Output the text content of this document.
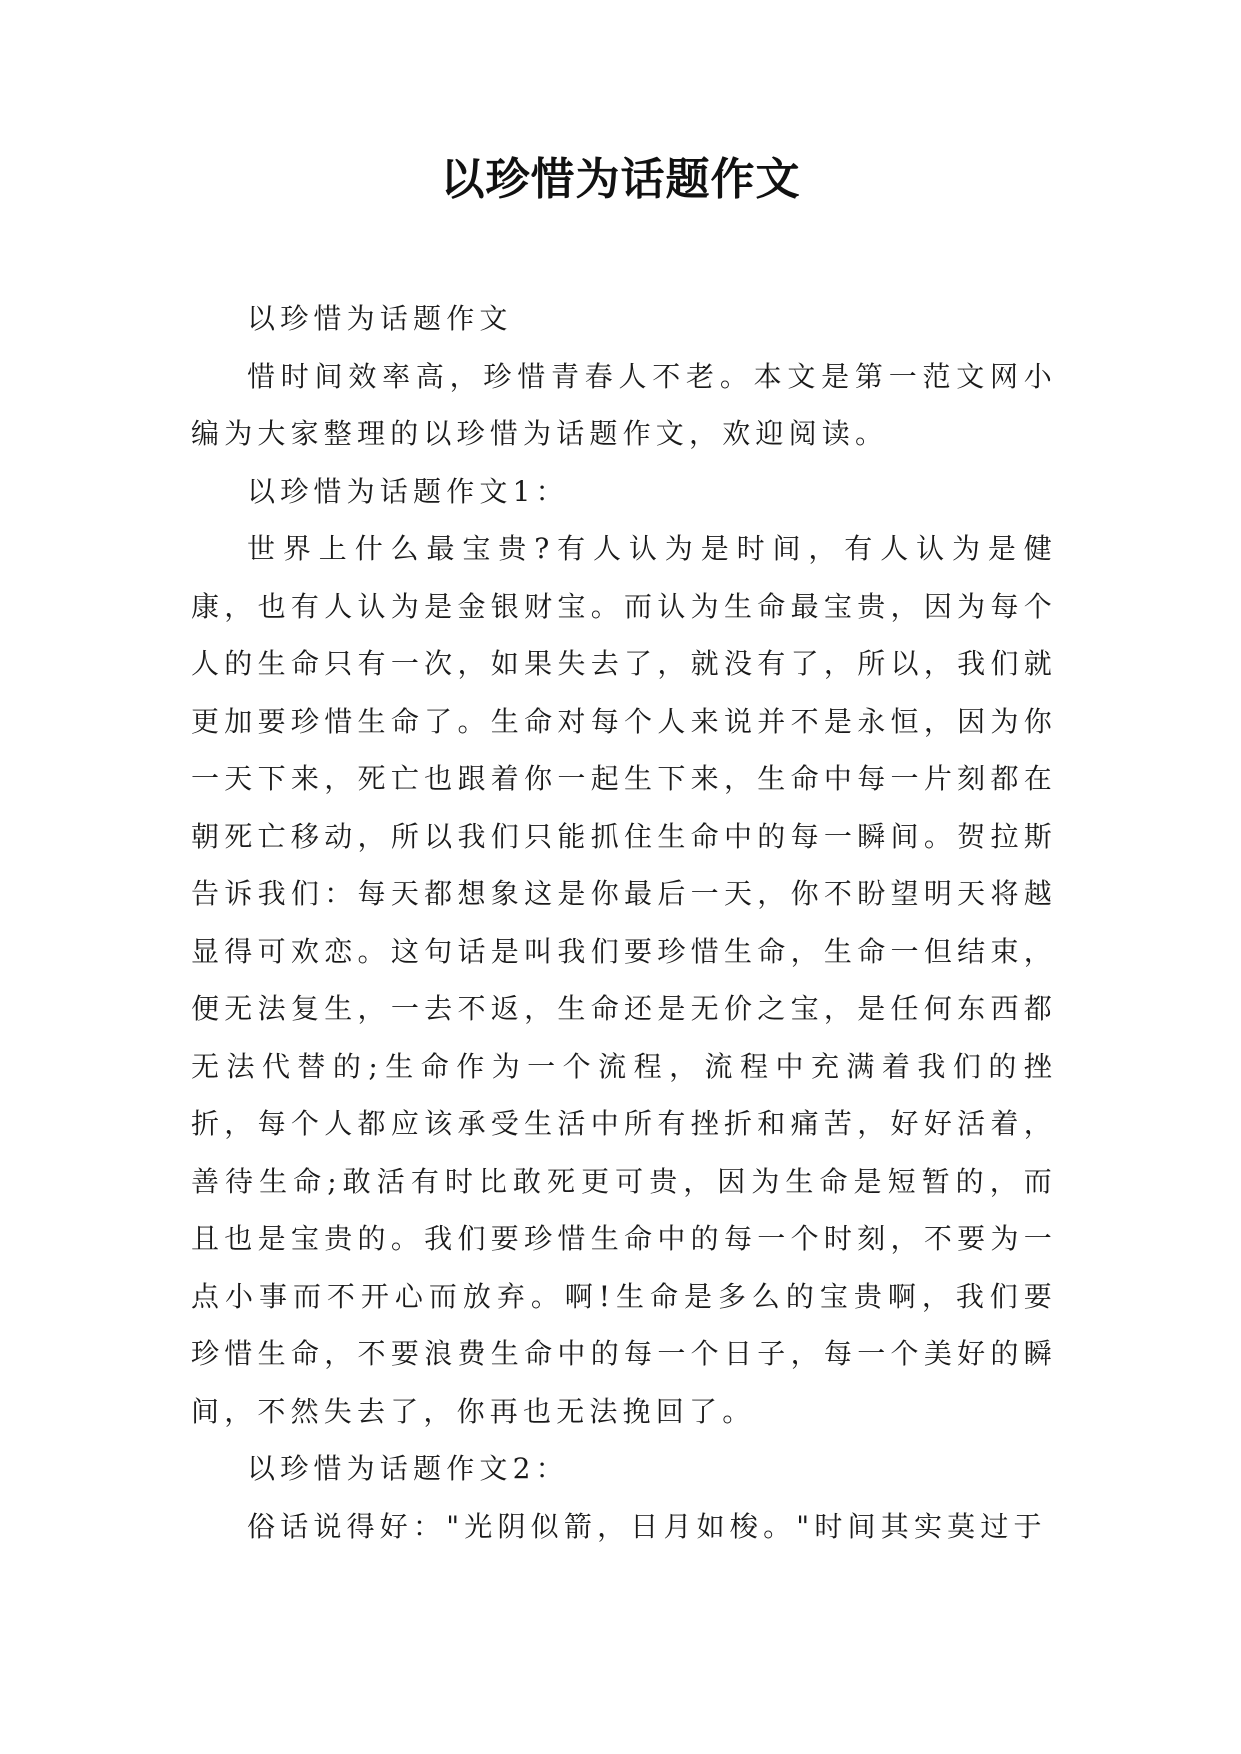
以珍惜为话题作文

以珍惜为话题作文

惜时间效率高，珍惜青春人不老。本文是第一范文网小编为大家整理的以珍惜为话题作文，欢迎阅读。

以珍惜为话题作文1：

世界上什么最宝贵?有人认为是时间，有人认为是健康，也有人认为是金银财宝。而认为生命最宝贵，因为每个人的生命只有一次，如果失去了，就没有了，所以，我们就更加要珍惜生命了。生命对每个人来说并不是永恒，因为你一天下来，死亡也跟着你一起生下来，生命中每一片刻都在朝死亡移动，所以我们只能抓住生命中的每一瞬间。贺拉斯告诉我们：每天都想象这是你最后一天，你不盼望明天将越显得可欢恋。这句话是叫我们要珍惜生命，生命一但结束，便无法复生，一去不返，生命还是无价之宝，是任何东西都无法代替的;生命作为一个流程，流程中充满着我们的挫折，每个人都应该承受生活中所有挫折和痛苦，好好活着，善待生命;敢活有时比敢死更可贵，因为生命是短暂的，而且也是宝贵的。我们要珍惜生命中的每一个时刻，不要为一点小事而不开心而放弃。啊!生命是多么的宝贵啊，我们要珍惜生命，不要浪费生命中的每一个日子，每一个美好的瞬间，不然失去了，你再也无法挽回了。

以珍惜为话题作文2：

俗话说得好："光阴似箭，日月如梭。"时间其实莫过于
